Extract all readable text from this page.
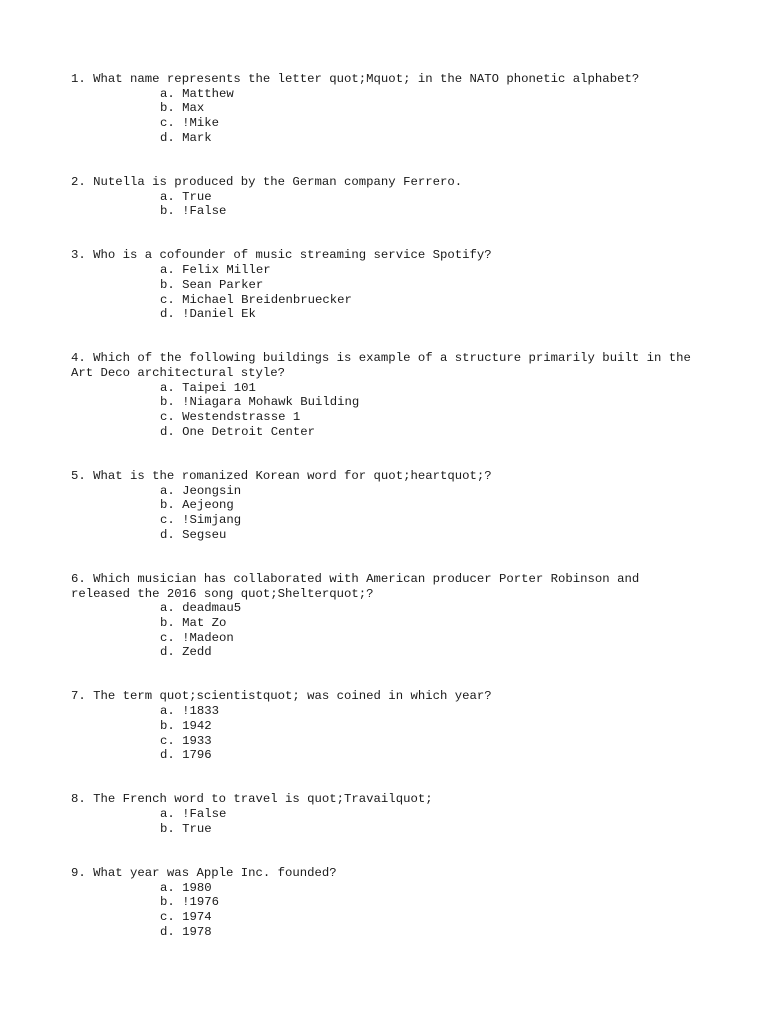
1. What name represents the letter quot;Mquot; in the NATO phonetic alphabet?
a. Matthew
b. Max
c. !Mike
d. Mark
2. Nutella is produced by the German company Ferrero.
a. True
b. !False
3. Who is a cofounder of music streaming service Spotify?
a. Felix Miller
b. Sean Parker
c. Michael Breidenbruecker
d. !Daniel Ek
4. Which of the following buildings is example of a structure primarily built in the Art Deco architectural style?
a. Taipei 101
b. !Niagara Mohawk Building
c. Westendstrasse 1
d. One Detroit Center
5. What is the romanized Korean word for quot;heartquot;?
a. Jeongsin
b. Aejeong
c. !Simjang
d. Segseu
6. Which musician has collaborated with American producer Porter Robinson and released the 2016 song quot;Shelterquot;?
a. deadmau5
b. Mat Zo
c. !Madeon
d. Zedd
7. The term quot;scientistquot; was coined in which year?
a. !1833
b. 1942
c. 1933
d. 1796
8. The French word to travel is quot;Travailquot;
a. !False
b. True
9. What year was Apple Inc. founded?
a. 1980
b. !1976
c. 1974
d. 1978
